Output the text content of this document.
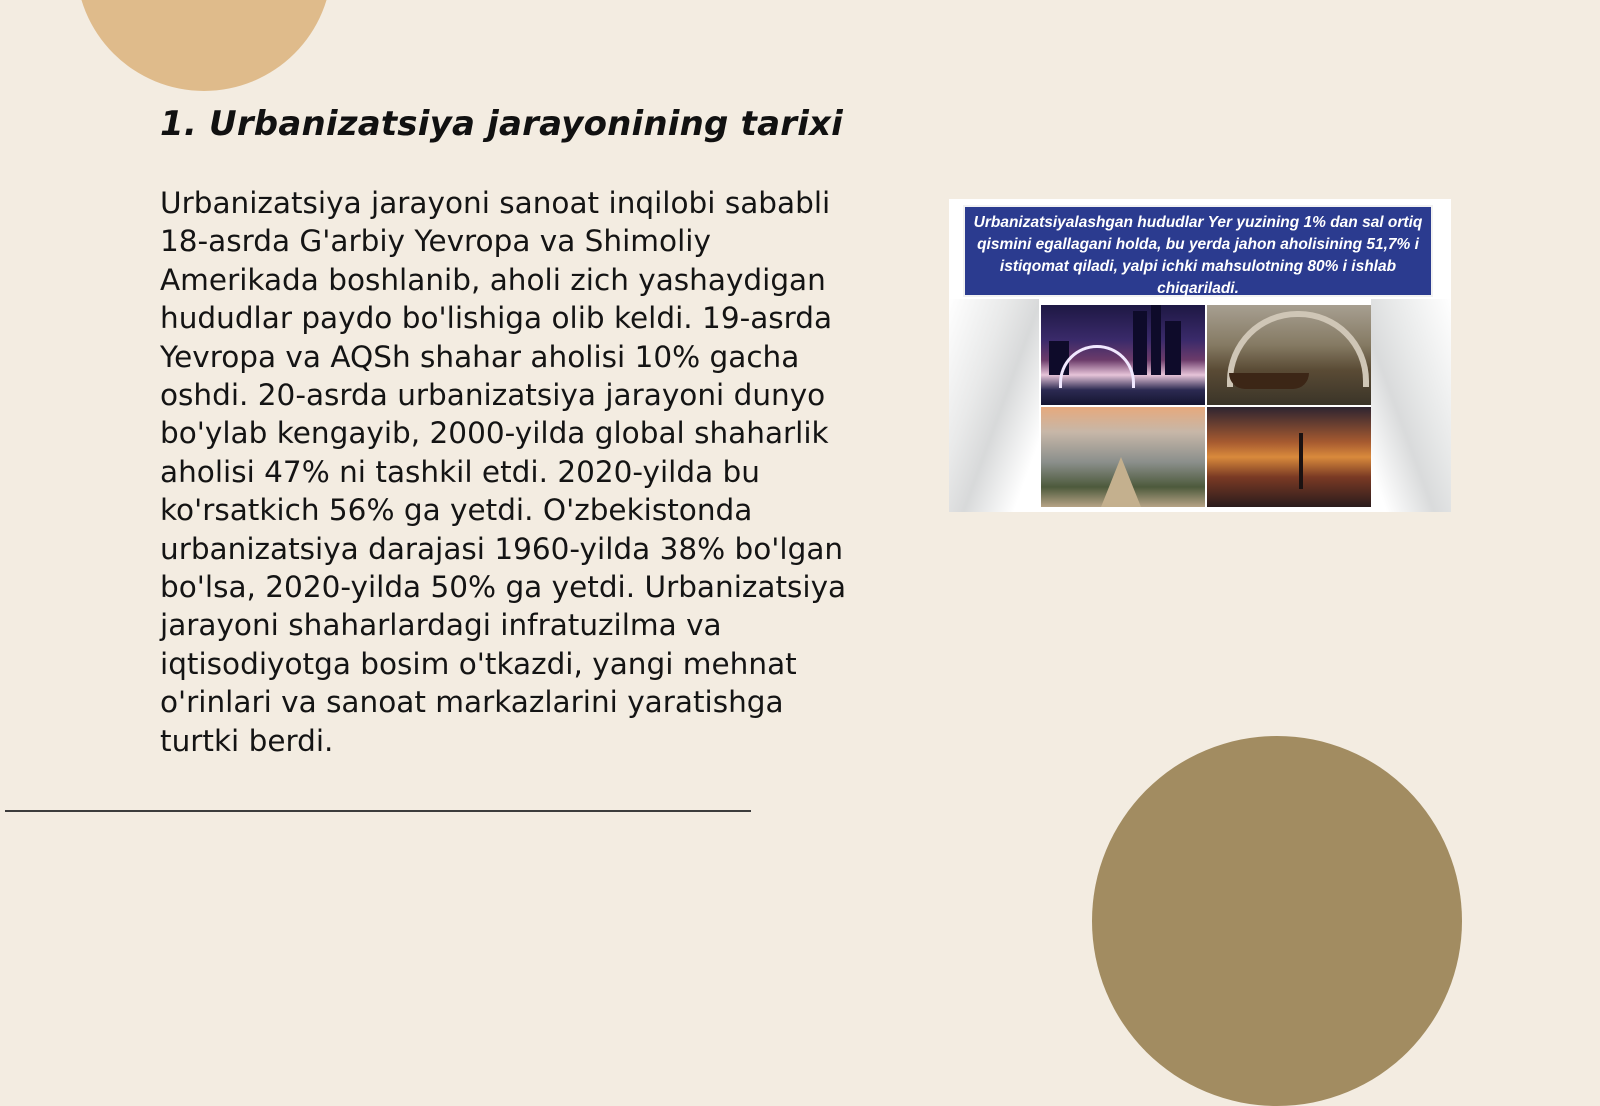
1. Urbanizatsiya jarayonining tarixi

Urbanizatsiya jarayoni sanoat inqilobi sababli 18-asrda G'arbiy Yevropa va Shimoliy Amerikada boshlanib, aholi zich yashaydigan hududlar paydo bo'lishiga olib keldi. 19-asrda Yevropa va AQSh shahar aholisi 10% gacha oshdi. 20-asrda urbanizatsiya jarayoni dunyo bo'ylab kengayib, 2000-yilda global shaharlik aholisi 47% ni tashkil etdi. 2020-yilda bu ko'rsatkich 56% ga yetdi. O'zbekistonda urbanizatsiya darajasi 1960-yilda 38% bo'lgan bo'lsa, 2020-yilda 50% ga yetdi. Urbanizatsiya jarayoni shaharlardagi infratuzilma va iqtisodiyotga bosim o'tkazdi, yangi mehnat o'rinlari va sanoat markazlarini yaratishga turtki berdi.

Urbanizatsiyalashgan hududlar Yer yuzining 1% dan sal ortiq qismini egallagani holda, bu yerda jahon aholisining 51,7% i istiqomat qiladi, yalpi ichki mahsulotning 80% i ishlab chiqariladi.
